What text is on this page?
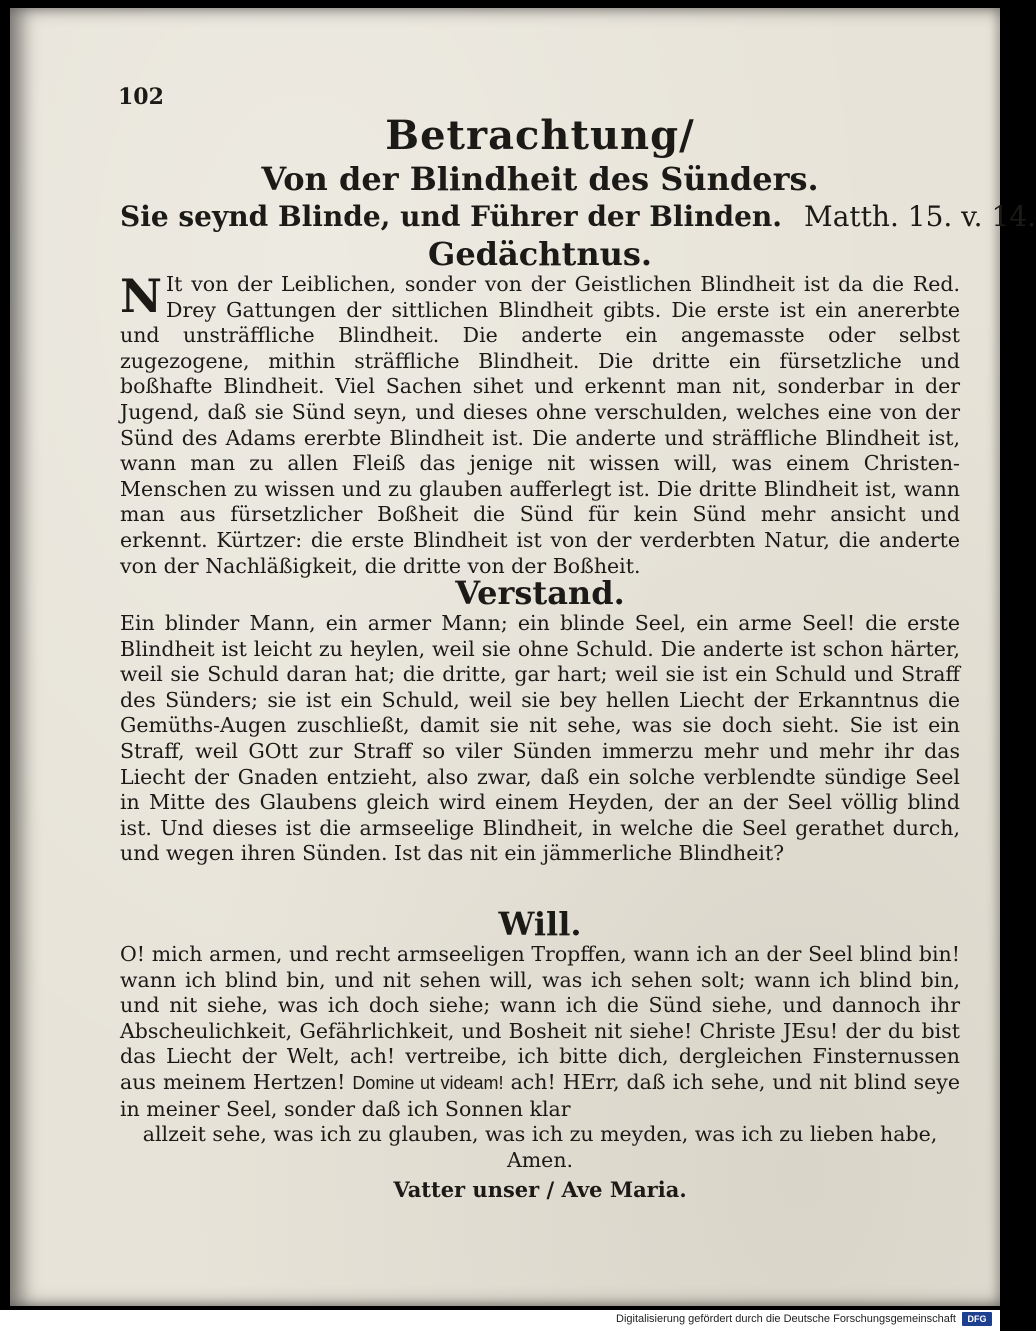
102
Betrachtung/
Von der Blindheit des Sünders.
Sie seynd Blinde, und Führer der Blinden. Matth. 15. v. 14.
Gedächtnus.

N It von der Leiblichen, sonder von der Geistlichen Blindheit ist da die Red. Drey Gattungen der sittlichen Blindheit gibts. Die erste ist ein anererbte und unsträffliche Blindheit. Die anderte ein angemasste oder selbst zugezogene, mithin sträffliche Blindheit. Die dritte ein fürsetzliche und boßhafte Blindheit. Viel Sachen sihet und erkennt man nit, sonderbar in der Jugend, daß sie Sünd seyn, und dieses ohne verschulden, welches eine von der Sünd des Adams ererbte Blindheit ist. Die anderte und sträffliche Blindheit ist, wann man zu allen Fleiß das jenige nit wissen will, was einem Christen-Menschen zu wissen und zu glauben aufferlegt ist. Die dritte Blindheit ist, wann man aus fürsetzlicher Boßheit die Sünd für kein Sünd mehr ansicht und erkennt. Kürtzer: die erste Blindheit ist von der verderbten Natur, die anderte von der Nachläßigkeit, die dritte von der Boßheit.

Verstand.

Ein blinder Mann, ein armer Mann; ein blinde Seel, ein arme Seel! die erste Blindheit ist leicht zu heylen, weil sie ohne Schuld. Die anderte ist schon härter, weil sie Schuld daran hat; die dritte, gar hart; weil sie ist ein Schuld und Straff des Sünders; sie ist ein Schuld, weil sie bey hellen Liecht der Erkanntnus die Gemüths-Augen zuschließt, damit sie nit sehe, was sie doch sieht. Sie ist ein Straff, weil GOtt zur Straff so viler Sünden immerzu mehr und mehr ihr das Liecht der Gnaden entzieht, also zwar, daß ein solche verblendte sündige Seel in Mitte des Glaubens gleich wird einem Heyden, der an der Seel völlig blind ist. Und dieses ist die armseelige Blindheit, in welche die Seel gerathet durch, und wegen ihren Sünden. Ist das nit ein jämmerliche Blindheit?

Will.

O! mich armen, und recht armseeligen Tropffen, wann ich an der Seel blind bin! wann ich blind bin, und nit sehen will, was ich sehen solt; wann ich blind bin, und nit siehe, was ich doch siehe; wann ich die Sünd siehe, und dannoch ihr Abscheulichkeit, Gefährlichkeit, und Bosheit nit siehe! Christe JEsu! der du bist das Liecht der Welt, ach! vertreibe, ich bitte dich, dergleichen Finsternussen aus meinem Hertzen! Domine ut videam! ach! HErr, daß ich sehe, und nit blind seye in meiner Seel, sonder daß ich Sonnen klar

allzeit sehe, was ich zu glauben, was ich zu meyden, was ich zu lieben habe, Amen.
Vatter unser / Ave Maria.
Digitalisierung gefördert durch die Deutsche Forschungsgemeinschaft	DFG
